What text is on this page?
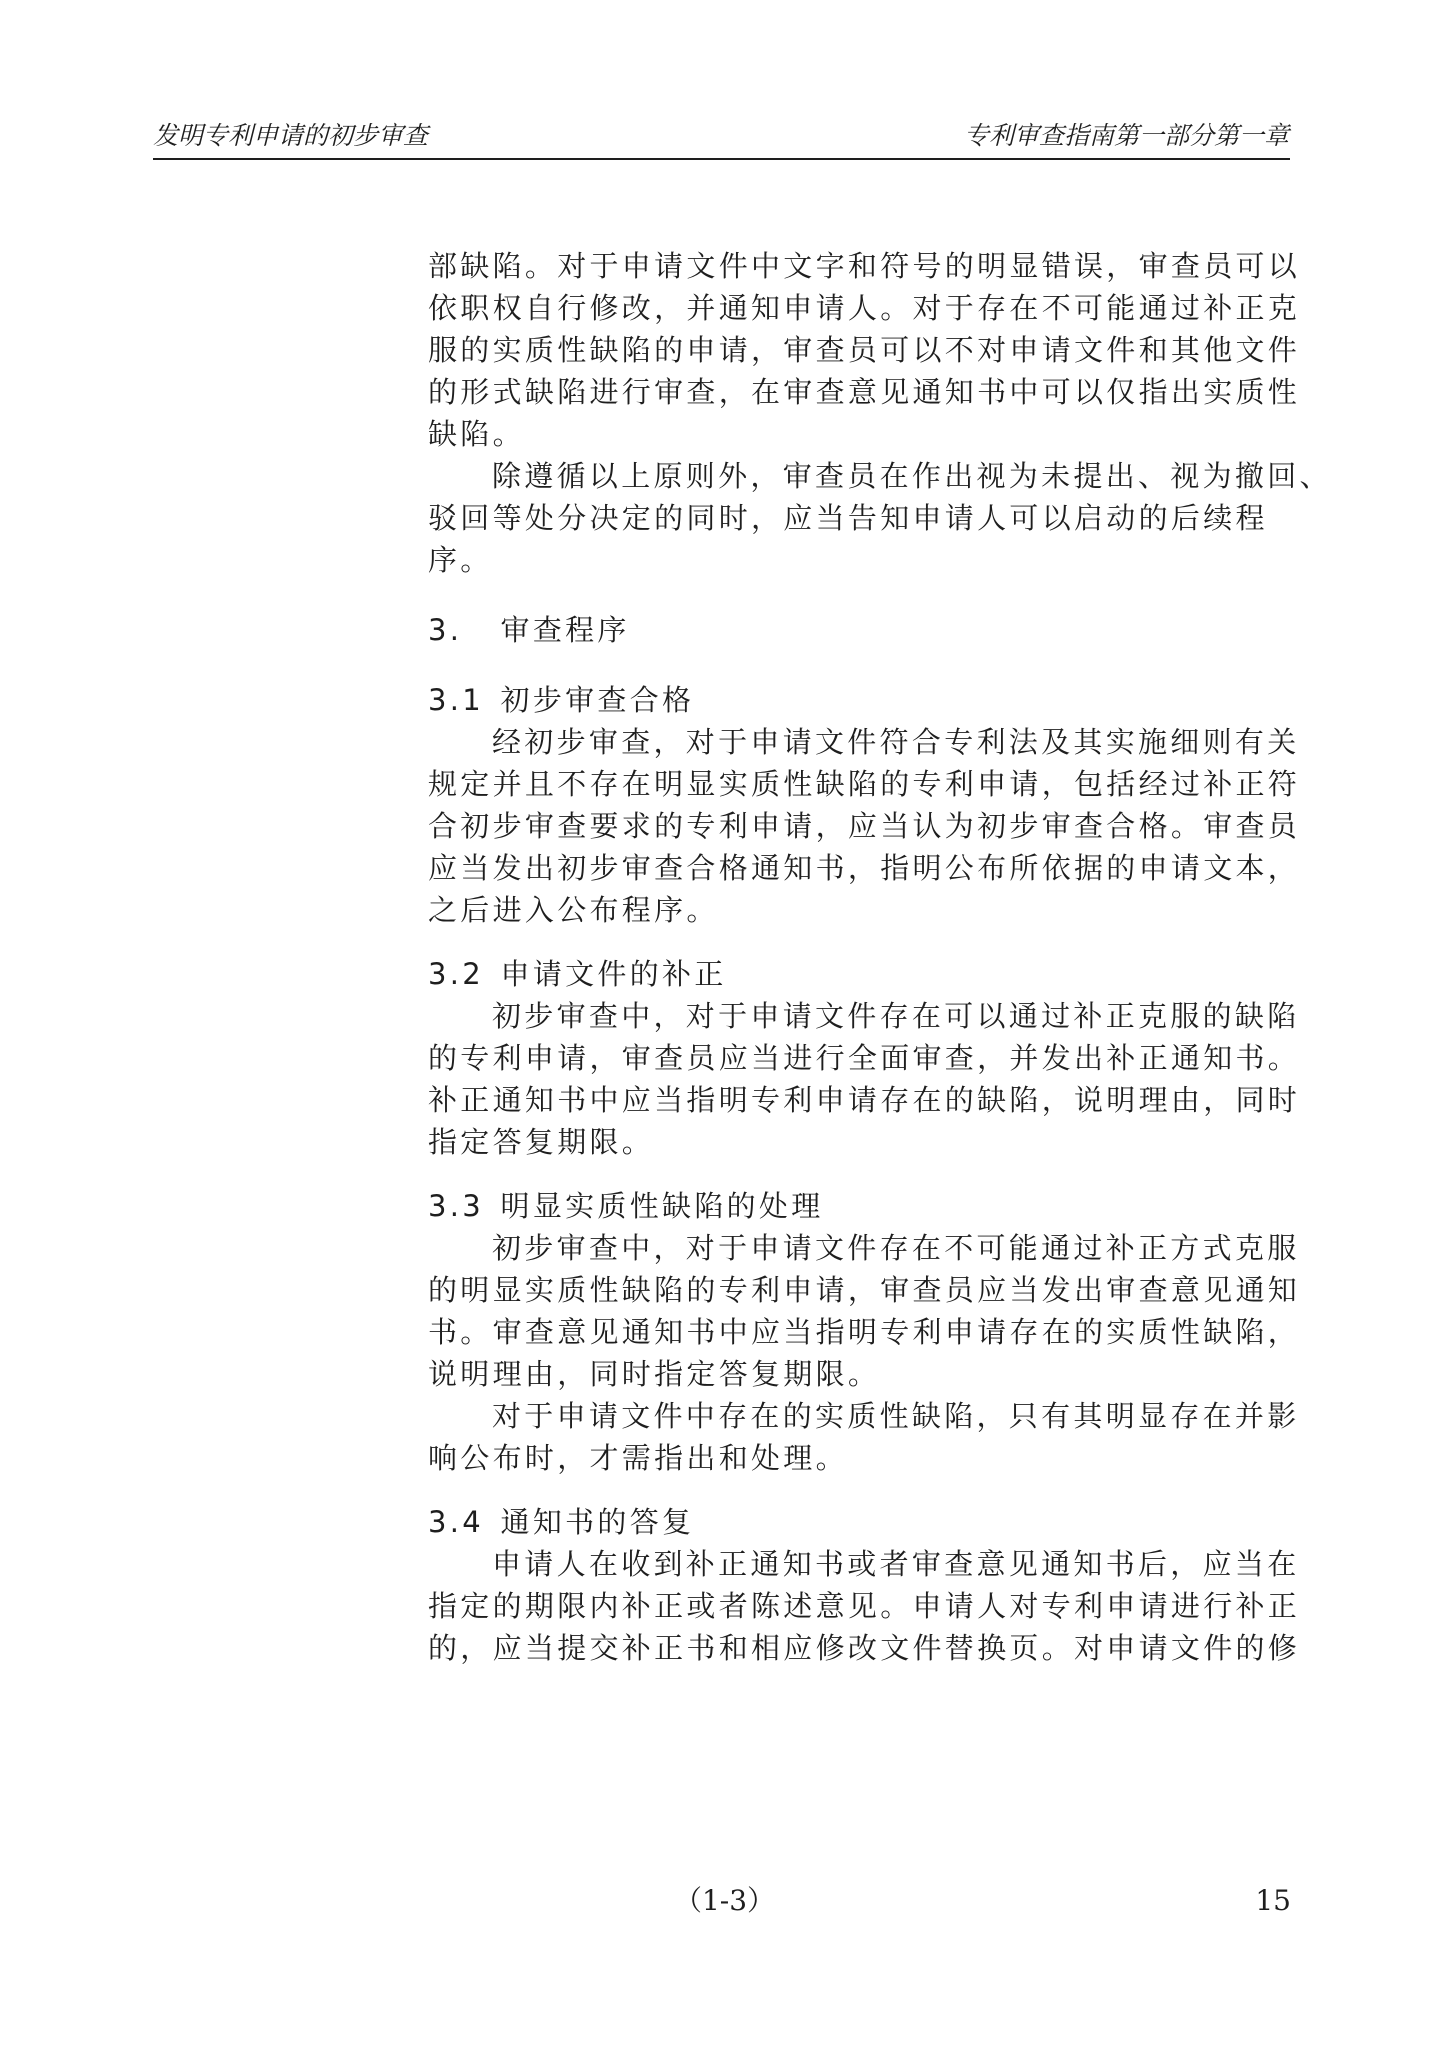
发明专利申请的初步审查	专利审查指南第一部分第一章
部缺陷。对于申请文件中文字和符号的明显错误，审查员可以
依职权自行修改，并通知申请人。对于存在不可能通过补正克
服的实质性缺陷的申请，审查员可以不对申请文件和其他文件
的形式缺陷进行审查，在审查意见通知书中可以仅指出实质性
缺陷。
除遵循以上原则外，审查员在作出视为未提出、视为撤回、
驳回等处分决定的同时，应当告知申请人可以启动的后续程
序。
3. 审查程序
3.1 初步审查合格
经初步审查，对于申请文件符合专利法及其实施细则有关
规定并且不存在明显实质性缺陷的专利申请，包括经过补正符
合初步审查要求的专利申请，应当认为初步审查合格。审查员
应当发出初步审查合格通知书，指明公布所依据的申请文本，
之后进入公布程序。
3.2 申请文件的补正
初步审查中，对于申请文件存在可以通过补正克服的缺陷
的专利申请，审查员应当进行全面审查，并发出补正通知书。
补正通知书中应当指明专利申请存在的缺陷，说明理由，同时
指定答复期限。
3.3 明显实质性缺陷的处理
初步审查中，对于申请文件存在不可能通过补正方式克服
的明显实质性缺陷的专利申请，审查员应当发出审查意见通知
书。审查意见通知书中应当指明专利申请存在的实质性缺陷，
说明理由，同时指定答复期限。
对于申请文件中存在的实质性缺陷，只有其明显存在并影
响公布时，才需指出和处理。
3.4 通知书的答复
申请人在收到补正通知书或者审查意见通知书后，应当在
指定的期限内补正或者陈述意见。申请人对专利申请进行补正
的，应当提交补正书和相应修改文件替换页。对申请文件的修
（1-3）	15
